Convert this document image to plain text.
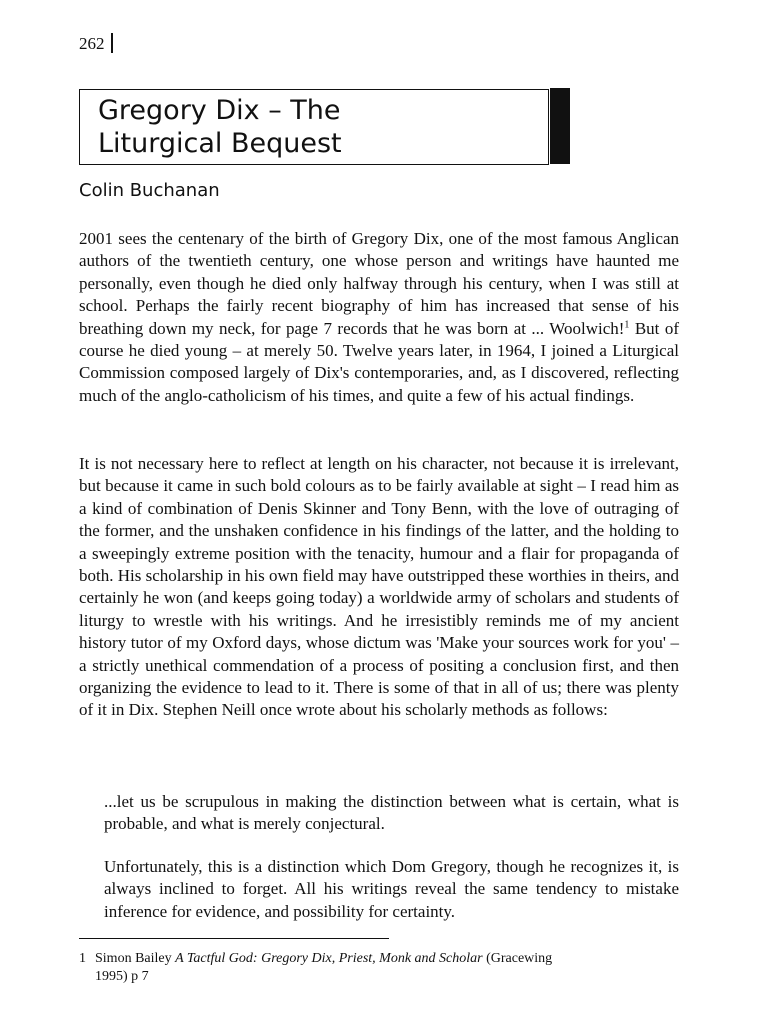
262
Gregory Dix – The
Liturgical Bequest

Colin Buchanan

2001 sees the centenary of the birth of Gregory Dix, one of the most famous Anglican authors of the twentieth century, one whose person and writings have haunted me personally, even though he died only halfway through his century, when I was still at school. Perhaps the fairly recent biography of him has increased that sense of his breathing down my neck, for page 7 records that he was born at ... Woolwich!$^1$ But of course he died young – at merely 50. Twelve years later, in 1964, I joined a Liturgical Commission composed largely of Dix's contemporaries, and, as I discovered, reflecting much of the anglo-catholicism of his times, and quite a few of his actual findings.

It is not necessary here to reflect at length on his character, not because it is irrelevant, but because it came in such bold colours as to be fairly available at sight – I read him as a kind of combination of Denis Skinner and Tony Benn, with the love of outraging of the former, and the unshaken confidence in his findings of the latter, and the holding to a sweepingly extreme position with the tenacity, humour and a flair for propaganda of both. His scholarship in his own field may have outstripped these worthies in theirs, and certainly he won (and keeps going today) a worldwide army of scholars and students of liturgy to wrestle with his writings. And he irresistibly reminds me of my ancient history tutor of my Oxford days, whose dictum was 'Make your sources work for you' – a strictly unethical commendation of a process of positing a conclusion first, and then organizing the evidence to lead to it. There is some of that in all of us; there was plenty of it in Dix. Stephen Neill once wrote about his scholarly methods as follows:

...let us be scrupulous in making the distinction between what is certain, what is probable, and what is merely conjectural.

Unfortunately, this is a distinction which Dom Gregory, though he recognizes it, is always inclined to forget. All his writings reveal the same tendency to mistake inference for evidence, and possibility for certainty.

1 Simon Bailey A Tactful God: Gregory Dix, Priest, Monk and Scholar (Gracewing
1995) p 7
